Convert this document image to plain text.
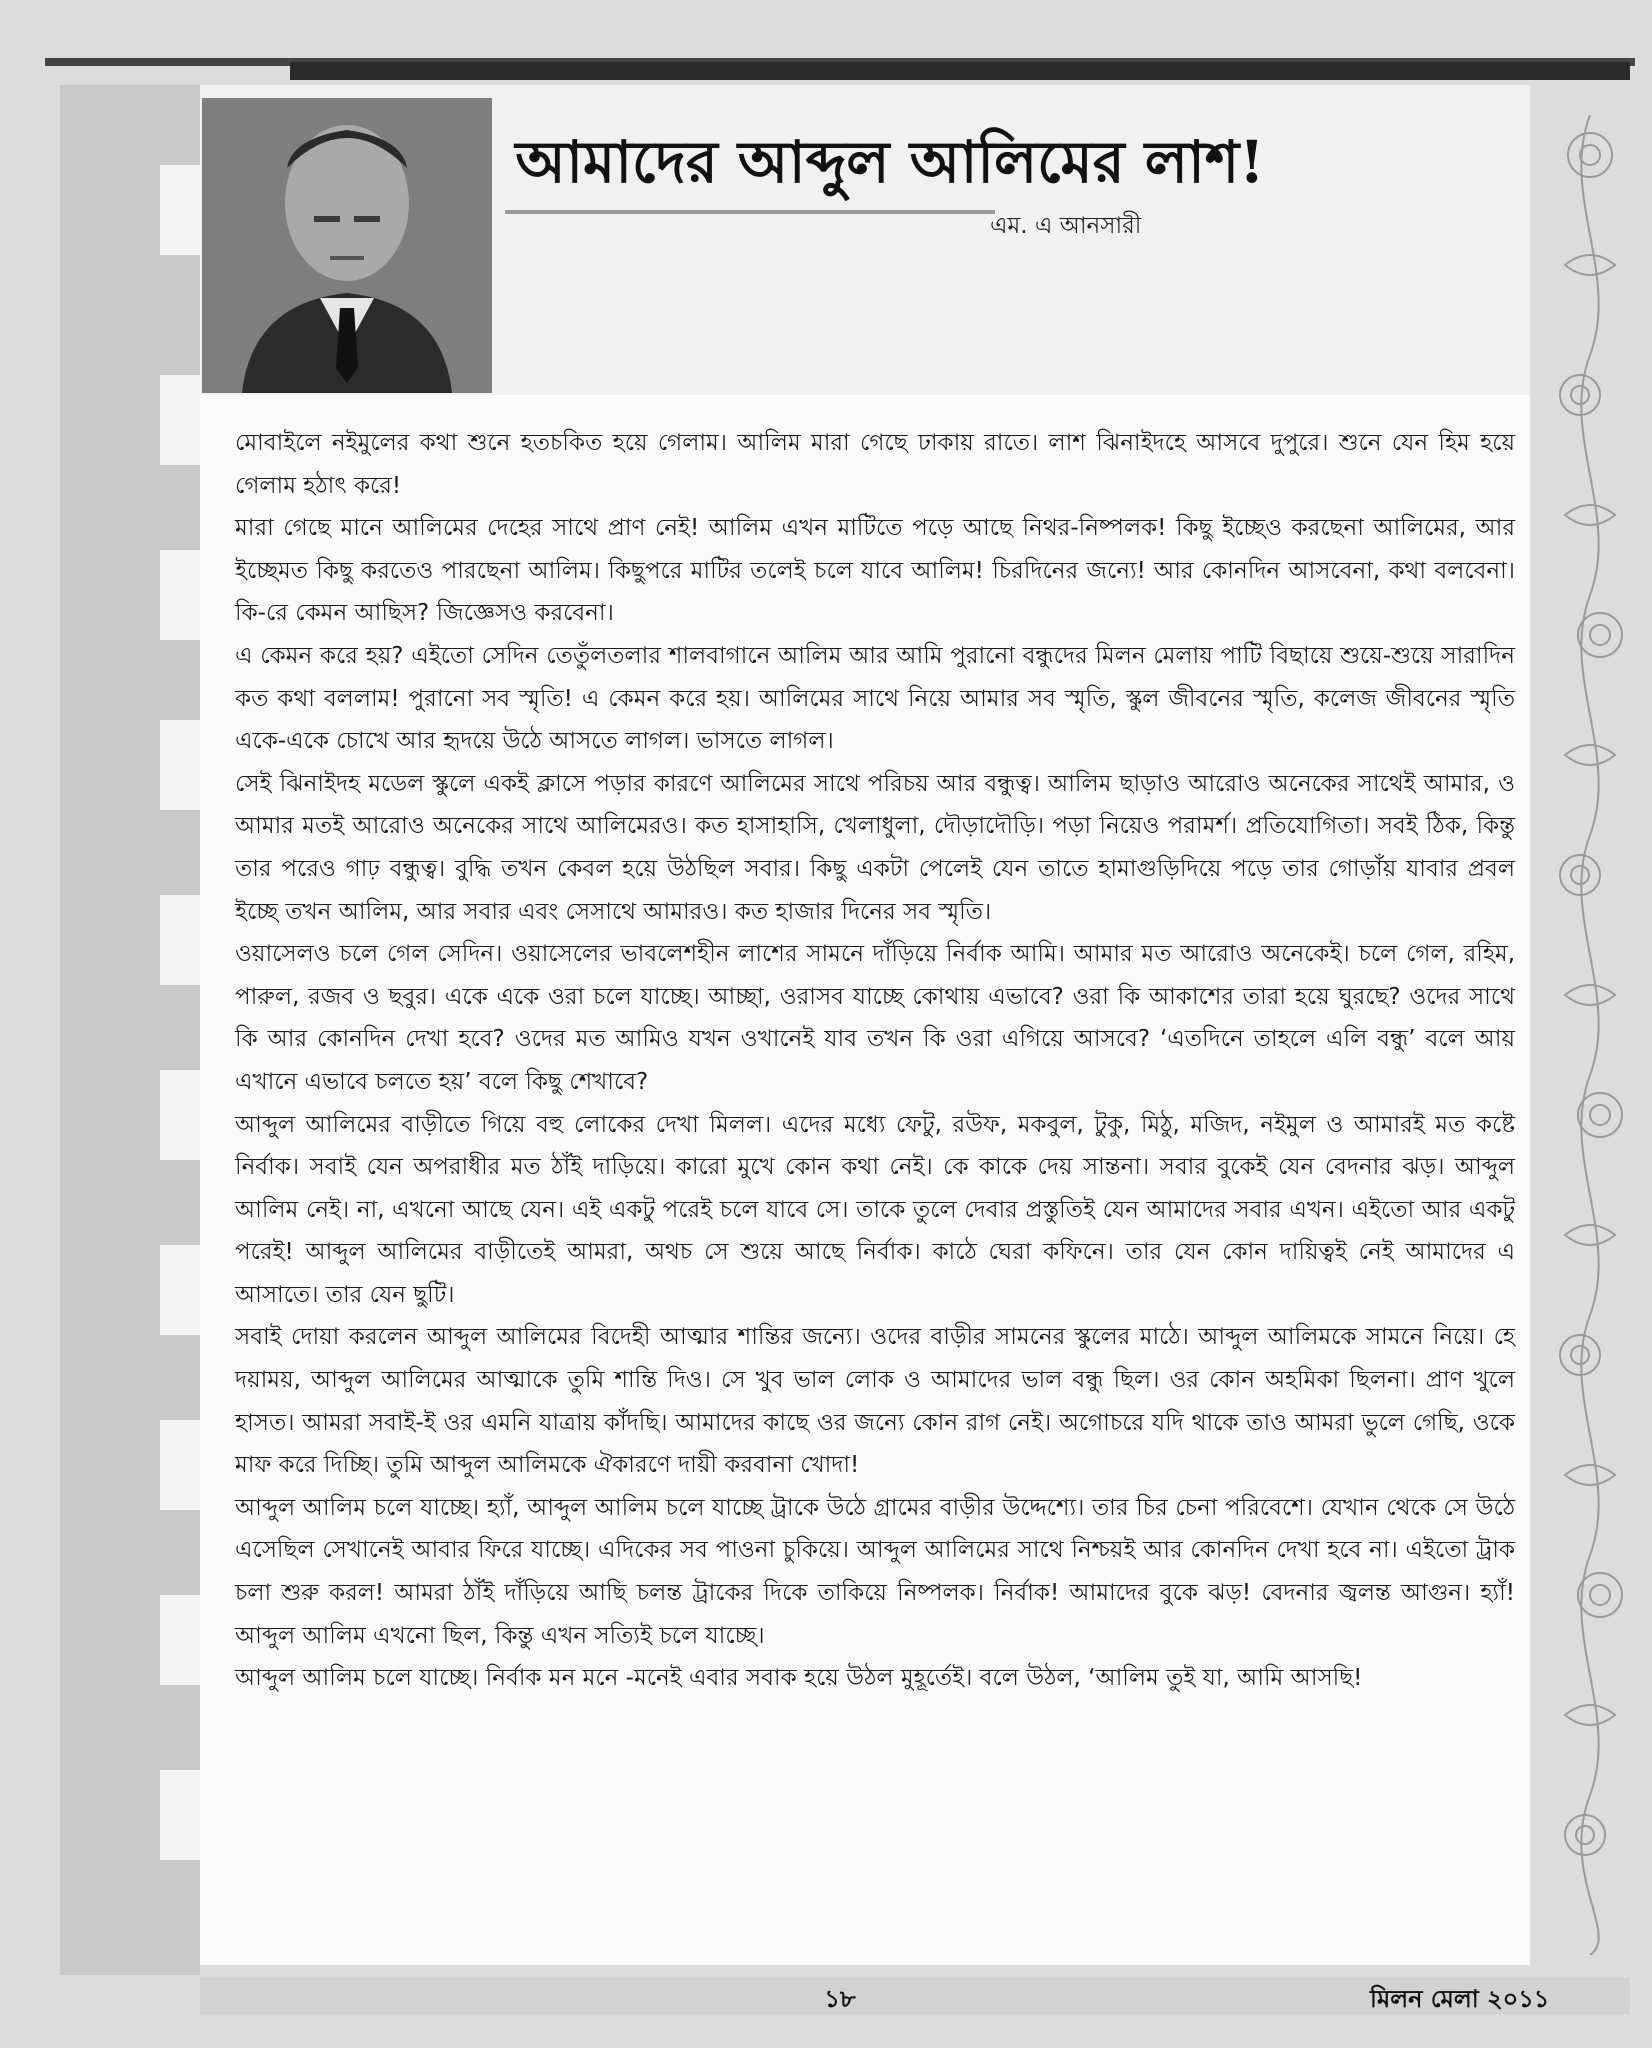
আমাদের আব্দুল আলিমের লাশ!
এম. এ আনসারী

মোবাইলে নইমুলের কথা শুনে হতচকিত হয়ে গেলাম। আলিম মারা গেছে ঢাকায় রাতে। লাশ ঝিনাইদহে আসবে দুপুরে। শুনে যেন হিম হয়ে গেলাম হঠাৎ করে!

মারা গেছে মানে আলিমের দেহের সাথে প্রাণ নেই! আলিম এখন মাটিতে পড়ে আছে নিথর-নিষ্পলক! কিছু ইচ্ছেও করছেনা আলিমের, আর ইচ্ছেমত কিছু করতেও পারছেনা আলিম। কিছুপরে মাটির তলেই চলে যাবে আলিম! চিরদিনের জন্যে! আর কোনদিন আসবেনা, কথা বলবেনা। কি-রে কেমন আছিস? জিজ্ঞেসও করবেনা।

এ কেমন করে হয়? এইতো সেদিন তেতুঁলতলার শালবাগানে আলিম আর আমি পুরানো বন্ধুদের মিলন মেলায় পাটি বিছায়ে শুয়ে-শুয়ে সারাদিন কত কথা বললাম! পুরানো সব স্মৃতি! এ কেমন করে হয়। আলিমের সাথে নিয়ে আমার সব স্মৃতি, স্কুল জীবনের স্মৃতি, কলেজ জীবনের স্মৃতি একে-একে চোখে আর হৃদয়ে উঠে আসতে লাগল। ভাসতে লাগল।

সেই ঝিনাইদহ মডেল স্কুলে একই ক্লাসে পড়ার কারণে আলিমের সাথে পরিচয় আর বন্ধুত্ব। আলিম ছাড়াও আরোও অনেকের সাথেই আমার, ও আমার মতই আরোও অনেকের সাথে আলিমেরও। কত হাসাহাসি, খেলাধুলা, দৌড়াদৌড়ি। পড়া নিয়েও পরামর্শ। প্রতিযোগিতা। সবই ঠিক, কিন্তু তার পরেও গাঢ় বন্ধুত্ব। বুদ্ধি তখন কেবল হয়ে উঠছিল সবার। কিছু একটা পেলেই যেন তাতে হামাগুড়িদিয়ে পড়ে তার গোড়াঁয় যাবার প্রবল ইচ্ছে তখন আলিম, আর সবার এবং সেসাথে আমারও। কত হাজার দিনের সব স্মৃতি।

ওয়াসেলও চলে গেল সেদিন। ওয়াসেলের ভাবলেশহীন লাশের সামনে দাঁড়িয়ে নির্বাক আমি। আমার মত আরোও অনেকেই। চলে গেল, রহিম, পারুল, রজব ও ছবুর। একে একে ওরা চলে যাচ্ছে। আচ্ছা, ওরাসব যাচ্ছে কোথায় এভাবে? ওরা কি আকাশের তারা হয়ে ঘুরছে? ওদের সাথে কি আর কোনদিন দেখা হবে? ওদের মত আমিও যখন ওখানেই যাব তখন কি ওরা এগিয়ে আসবে? ‘এতদিনে তাহলে এলি বন্ধু’ বলে আয় এখানে এভাবে চলতে হয়’ বলে কিছু শেখাবে?

আব্দুল আলিমের বাড়ীতে গিয়ে বহু লোকের দেখা মিলল। এদের মধ্যে ফেটু, রউফ, মকবুল, টুকু, মিঠু, মজিদ, নইমুল ও আমারই মত কষ্টে নির্বাক। সবাই যেন অপরাধীর মত ঠাঁই দাড়িয়ে। কারো মুখে কোন কথা নেই। কে কাকে দেয় সান্তনা। সবার বুকেই যেন বেদনার ঝড়। আব্দুল আলিম নেই। না, এখনো আছে যেন। এই একটু পরেই চলে যাবে সে। তাকে তুলে দেবার প্রস্তুতিই যেন আমাদের সবার এখন। এইতো আর একটু পরেই! আব্দুল আলিমের বাড়ীতেই আমরা, অথচ সে শুয়ে আছে নির্বাক। কাঠে ঘেরা কফিনে। তার যেন কোন দায়িত্বই নেই আমাদের এ আসাতে। তার যেন ছুটি।

সবাই দোয়া করলেন আব্দুল আলিমের বিদেহী আত্মার শান্তির জন্যে। ওদের বাড়ীর সামনের স্কুলের মাঠে। আব্দুল আলিমকে সামনে নিয়ে। হে দয়াময়, আব্দুল আলিমের আত্মাকে তুমি শান্তি দিও। সে খুব ভাল লোক ও আমাদের ভাল বন্ধু ছিল। ওর কোন অহমিকা ছিলনা। প্রাণ খুলে হাসত। আমরা সবাই-ই ওর এমনি যাত্রায় কাঁদছি। আমাদের কাছে ওর জন্যে কোন রাগ নেই। অগোচরে যদি থাকে তাও আমরা ভুলে গেছি, ওকে মাফ করে দিচ্ছি। তুমি আব্দুল আলিমকে ঐকারণে দায়ী করবানা খোদা!

আব্দুল আলিম চলে যাচ্ছে। হ্যাঁ, আব্দুল আলিম চলে যাচ্ছে ট্রাকে উঠে গ্রামের বাড়ীর উদ্দেশ্যে। তার চির চেনা পরিবেশে। যেখান থেকে সে উঠে এসেছিল সেখানেই আবার ফিরে যাচ্ছে। এদিকের সব পাওনা চুকিয়ে। আব্দুল আলিমের সাথে নিশ্চয়ই আর কোনদিন দেখা হবে না। এইতো ট্রাক চলা শুরু করল! আমরা ঠাঁই দাঁড়িয়ে আছি চলন্ত ট্রাকের দিকে তাকিয়ে নিষ্পলক। নির্বাক! আমাদের বুকে ঝড়! বেদনার জ্বলন্ত আগুন। হ্যাঁ! আব্দুল আলিম এখনো ছিল, কিন্তু এখন সত্যিই চলে যাচ্ছে।

আব্দুল আলিম চলে যাচ্ছে। নির্বাক মন মনে -মনেই এবার সবাক হয়ে উঠল মুহূর্তেই। বলে উঠল, ‘আলিম তুই যা, আমি আসছি!

১৮	মিলন মেলা ২০১১
